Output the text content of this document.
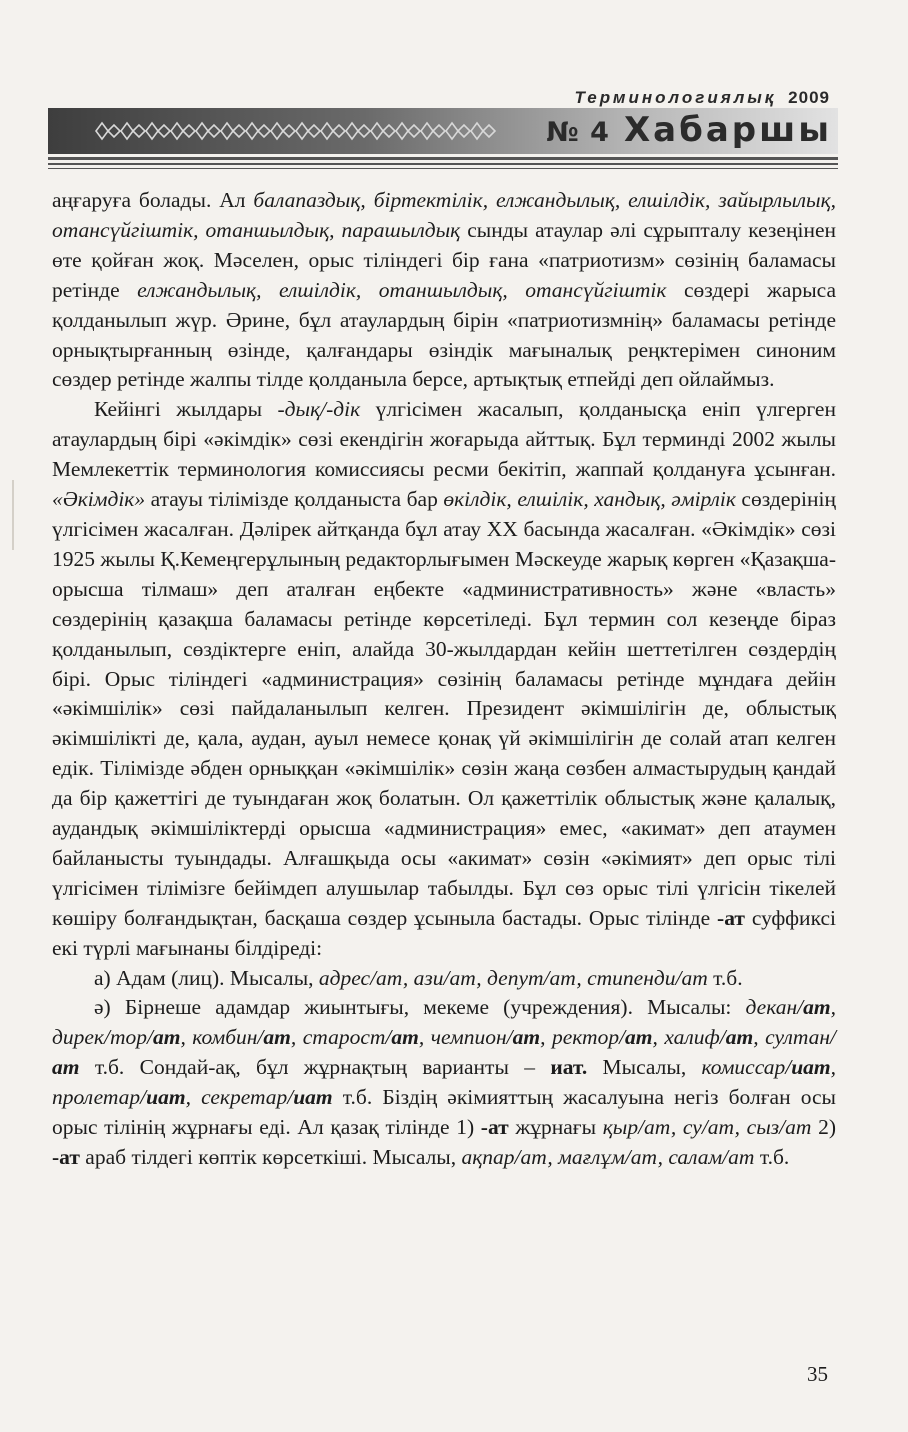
Терминологиялық 2009
№ 4 Хабаршы

аңғаруға болады. Ал балапаздық, біртектілік, елжандылық, елшілдік, зайырлылық, отансүйгіштік, отаншылдық, парашылдық сынды атаулар әлі сұрыпталу кезеңінен өте қойған жоқ. Мәселен, орыс тіліндегі бір ғана «патриотизм» сөзінің баламасы ретінде елжандылық, елшілдік, отаншылдық, отансүйгіштік сөздері жарыса қолданылып жүр. Әрине, бұл атаулардың бірін «патриотизмнің» баламасы ретінде орнықтырғанның өзінде, қалғандары өзіндік мағыналық реңктерімен синоним сөздер ретінде жалпы тілде қолданыла берсе, артықтық етпейді деп ойлаймыз.

Кейінгі жылдары -дық/-дік үлгісімен жасалып, қолданысқа еніп үлгерген атаулардың бірі «әкімдік» сөзі екендігін жоғарыда айттық. Бұл терминді 2002 жылы Мемлекеттік терминология комиссиясы ресми бекітіп, жаппай қолдануға ұсынған. «Әкімдік» атауы тілімізде қолданыста бар өкілдік, елшілік, хандық, әмірлік сөздерінің үлгісімен жасалған. Дәлірек айтқанда бұл атау XX басында жасалған. «Әкімдік» сөзі 1925 жылы Қ.Кемеңгерұлының редакторлығымен Мәскеуде жарық көрген «Қазақша-орысша тілмаш» деп аталған еңбекте «административность» және «власть» сөздерінің қазақша баламасы ретінде көрсетіледі. Бұл термин сол кезеңде біраз қолданылып, сөздіктерге еніп, алайда 30-жылдардан кейін шеттетілген сөздердің бірі. Орыс тіліндегі «администрация» сөзінің баламасы ретінде мұндаға дейін «әкімшілік» сөзі пайдаланылып келген. Президент әкімшілігін де, облыстық әкімшілікті де, қала, аудан, ауыл немесе қонақ үй әкімшілігін де солай атап келген едік. Тілімізде әбден орныққан «әкімшілік» сөзін жаңа сөзбен алмастырудың қандай да бір қажеттігі де туындаған жоқ болатын. Ол қажеттілік облыстық және қалалық, аудандық әкімшіліктерді орысша «администрация» емес, «акимат» деп атаумен байланысты туындады. Алғашқыда осы «акимат» сөзін «әкімият» деп орыс тілі үлгісімен тілімізге бейімдеп алушылар табылды. Бұл сөз орыс тілі үлгісін тікелей көшіру болғандықтан, басқаша сөздер ұсынылa бастады. Орыс тілінде -ат суффиксі екі түрлі мағынаны білдіреді:

а) Адам (лиц). Мысалы, адрес/ат, ази/ат, депут/ат, стипенди/ат т.б.

ә) Бірнеше адамдар жиынтығы, мекеме (учреждения). Мысалы: декан/ат, дирек/тор/ат, комбин/ат, староcт/ат, чемпион/ат, ректор/ат, халиф/ат, султан/ат т.б. Сондай-ақ, бұл жұрнақтың варианты – иат. Мысалы, комиссар/иат, пролетар/иат, секретар/иат т.б. Біздің әкімияттың жасалуына негіз болған осы орыс тілінің жұрнағы еді. Ал қазақ тілінде 1) -ат жұрнағы қыр/ат, су/ат, сыз/ат 2) -ат араб тілдегі көптік көрсеткіші. Мысалы, ақпар/ат, мағлұм/ат, салам/ат т.б.

35
